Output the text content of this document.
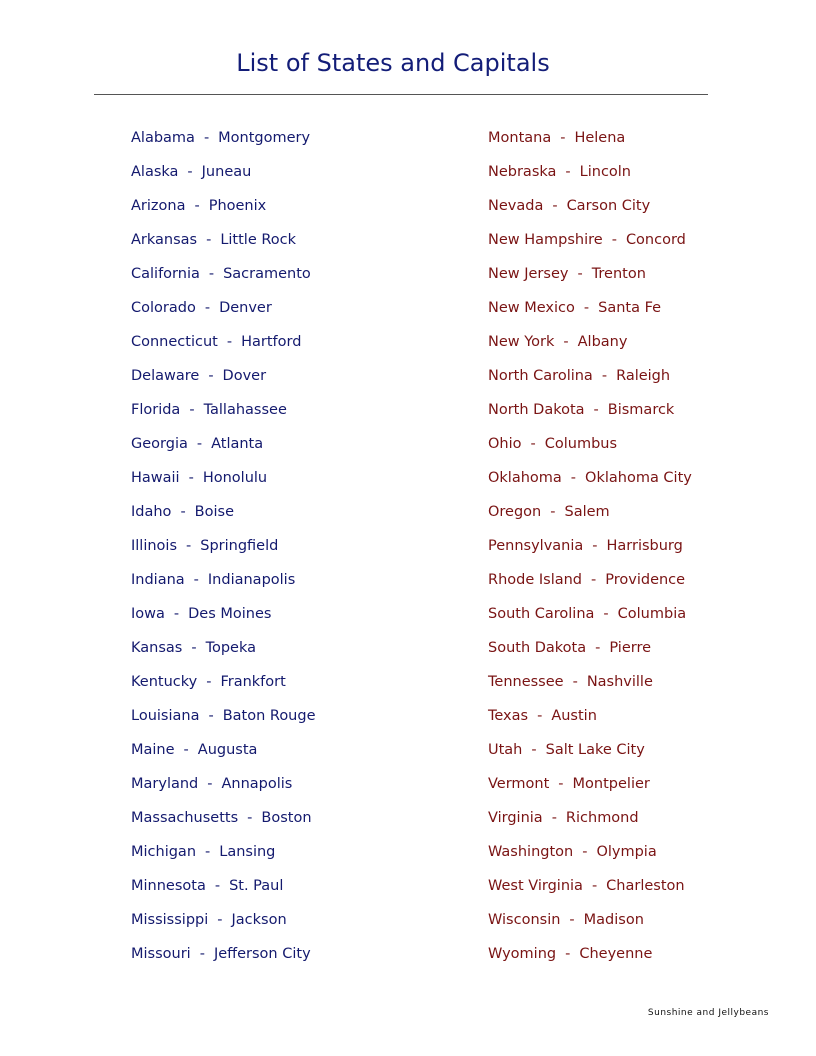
List of States and Capitals
Alabama - Montgomery
Alaska - Juneau
Arizona - Phoenix
Arkansas - Little Rock
California - Sacramento
Colorado - Denver
Connecticut - Hartford
Delaware - Dover
Florida - Tallahassee
Georgia - Atlanta
Hawaii - Honolulu
Idaho - Boise
Illinois - Springfield
Indiana - Indianapolis
Iowa - Des Moines
Kansas - Topeka
Kentucky - Frankfort
Louisiana - Baton Rouge
Maine - Augusta
Maryland - Annapolis
Massachusetts - Boston
Michigan - Lansing
Minnesota - St. Paul
Mississippi - Jackson
Missouri - Jefferson City
Montana - Helena
Nebraska - Lincoln
Nevada - Carson City
New Hampshire - Concord
New Jersey - Trenton
New Mexico - Santa Fe
New York - Albany
North Carolina - Raleigh
North Dakota - Bismarck
Ohio - Columbus
Oklahoma - Oklahoma City
Oregon - Salem
Pennsylvania - Harrisburg
Rhode Island - Providence
South Carolina - Columbia
South Dakota - Pierre
Tennessee - Nashville
Texas - Austin
Utah - Salt Lake City
Vermont - Montpelier
Virginia - Richmond
Washington - Olympia
West Virginia - Charleston
Wisconsin - Madison
Wyoming - Cheyenne
Sunshine and Jellybeans
